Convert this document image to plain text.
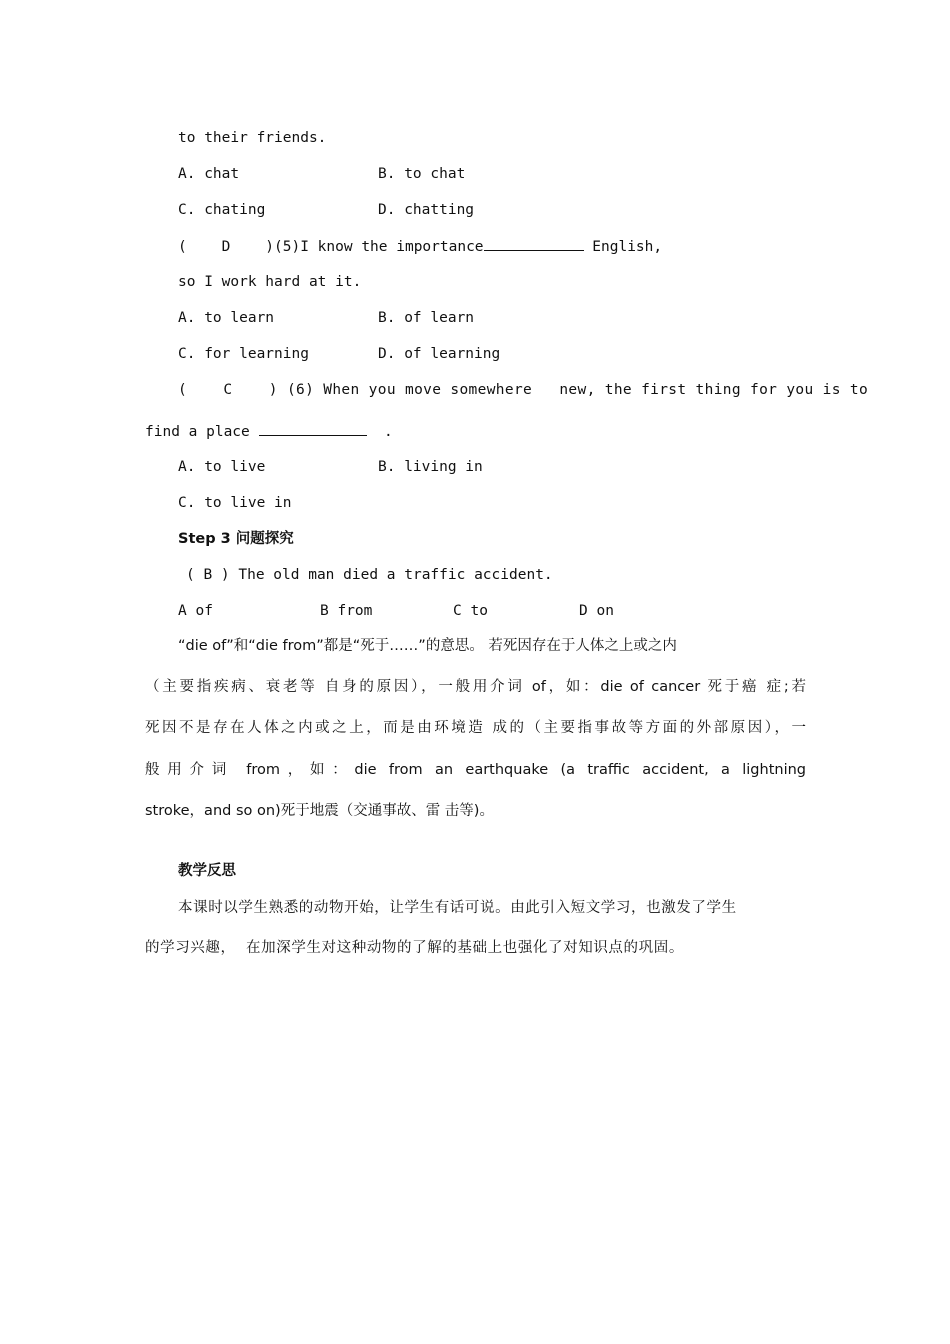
to their friends.
A. chat	B. to chat
C. chating	D. chatting
(    D    )(5)I know the importance	English,
so I work hard at it.
A. to learn	B. of learn
C. for learning	D. of learning
(    C    ) (6) When you move somewhere   new, the first thing for you is to
find a place	.
A. to live	B. living in
C. to live in
Step 3 问题探究
( B ) The old man died a traffic accident.
A of	B from	C to	D on
“die of”和“die from”都是“死于……”的意思。 若死因存在于人体之上或之内
（主要指疾病、衰老等 自身的原因），一般用介词 of，如：die of cancer 死于癌 症;若
死因不是存在人体之内或之上，而是由环境造 成的（主要指事故等方面的外部原因），一
般用介词 from，如：die from an earthquake (a traffic accident, a lightning
stroke，and so on)死于地震（交通事故、雷 击等)。
教学反思
本课时以学生熟悉的动物开始，让学生有话可说。由此引入短文学习，也激发了学生
的学习兴趣，  在加深学生对这种动物的了解的基础上也强化了对知识点的巩固。
